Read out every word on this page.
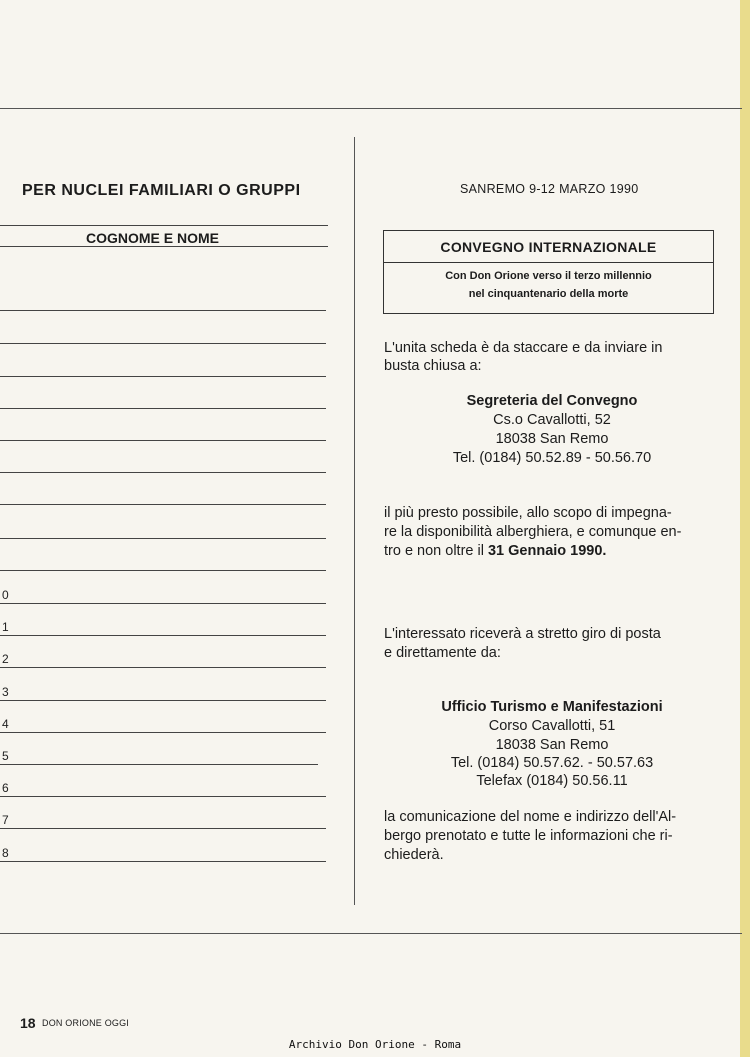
PER NUCLEI FAMILIARI O GRUPPI
COGNOME E NOME
0
1
2
3
4
5
6
7
8
SANREMO 9-12 MARZO 1990
CONVEGNO INTERNAZIONALE
Con Don Orione verso il terzo millennio
nel cinquantenario della morte
L'unita scheda è da staccare e da inviare in
busta chiusa a:
Segreteria del Convegno
Cs.o Cavallotti, 52
18038 San Remo
Tel. (0184) 50.52.89 - 50.56.70
il più presto possibile, allo scopo di impegna-
re la disponibilità alberghiera, e comunque en-
tro e non oltre il 31 Gennaio 1990.
L'interessato riceverà a stretto giro di posta
e direttamente da:
Ufficio Turismo e Manifestazioni
Corso Cavallotti, 51
18038 San Remo
Tel. (0184) 50.57.62. - 50.57.63
Telefax (0184) 50.56.11
la comunicazione del nome e indirizzo dell'Al-
bergo prenotato e tutte le informazioni che ri-
chiederà.
18 DON ORIONE OGGI
Archivio Don Orione - Roma
